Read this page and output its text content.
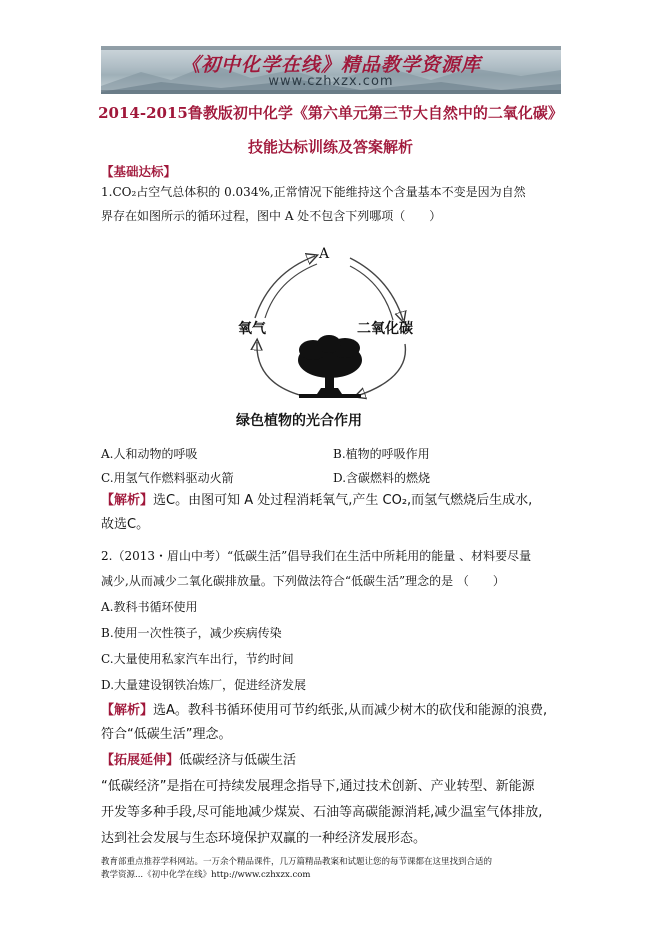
《初中化学在线》精品教学资源库
www.czhxzx.com
2014-2015鲁教版初中化学《第六单元第三节大自然中的二氧化碳》
技能达标训练及答案解析
【基础达标】
1.CO₂占空气总体积的 0.034%,正常情况下能维持这个含量基本不变是因为自然
界存在如图所示的循环过程，图中 A 处不包含下列哪项（　　）
A
氧气	二氧化碳
绿色植物的光合作用
A.人和动物的呼吸	B.植物的呼吸作用
C.用氢气作燃料驱动火箭	D.含碳燃料的燃烧
【解析】选C。由图可知 A 处过程消耗氧气,产生 CO₂,而氢气燃烧后生成水,
故选C。
2.（2013・眉山中考）“低碳生活”倡导我们在生活中所耗用的能量 、材料要尽量
减少,从而减少二氧化碳排放量。下列做法符合“低碳生活”理念的是 （　　）
A.教科书循环使用
B.使用一次性筷子，减少疾病传染
C.大量使用私家汽车出行，节约时间
D.大量建设钢铁冶炼厂，促进经济发展
【解析】选A。教科书循环使用可节约纸张,从而减少树木的砍伐和能源的浪费,
符合“低碳生活”理念。
【拓展延伸】低碳经济与低碳生活
“低碳经济”是指在可持续发展理念指导下,通过技术创新、产业转型、新能源
开发等多种手段,尽可能地减少煤炭、石油等高碳能源消耗,减少温室气体排放,
达到社会发展与生态环境保护双赢的一种经济发展形态。
教育部重点推荐学科网站。一万余个精品课件，几万篇精品教案和试题让您的每节课都在这里找到合适的
教学资源...《初中化学在线》http://www.czhxzx.com
